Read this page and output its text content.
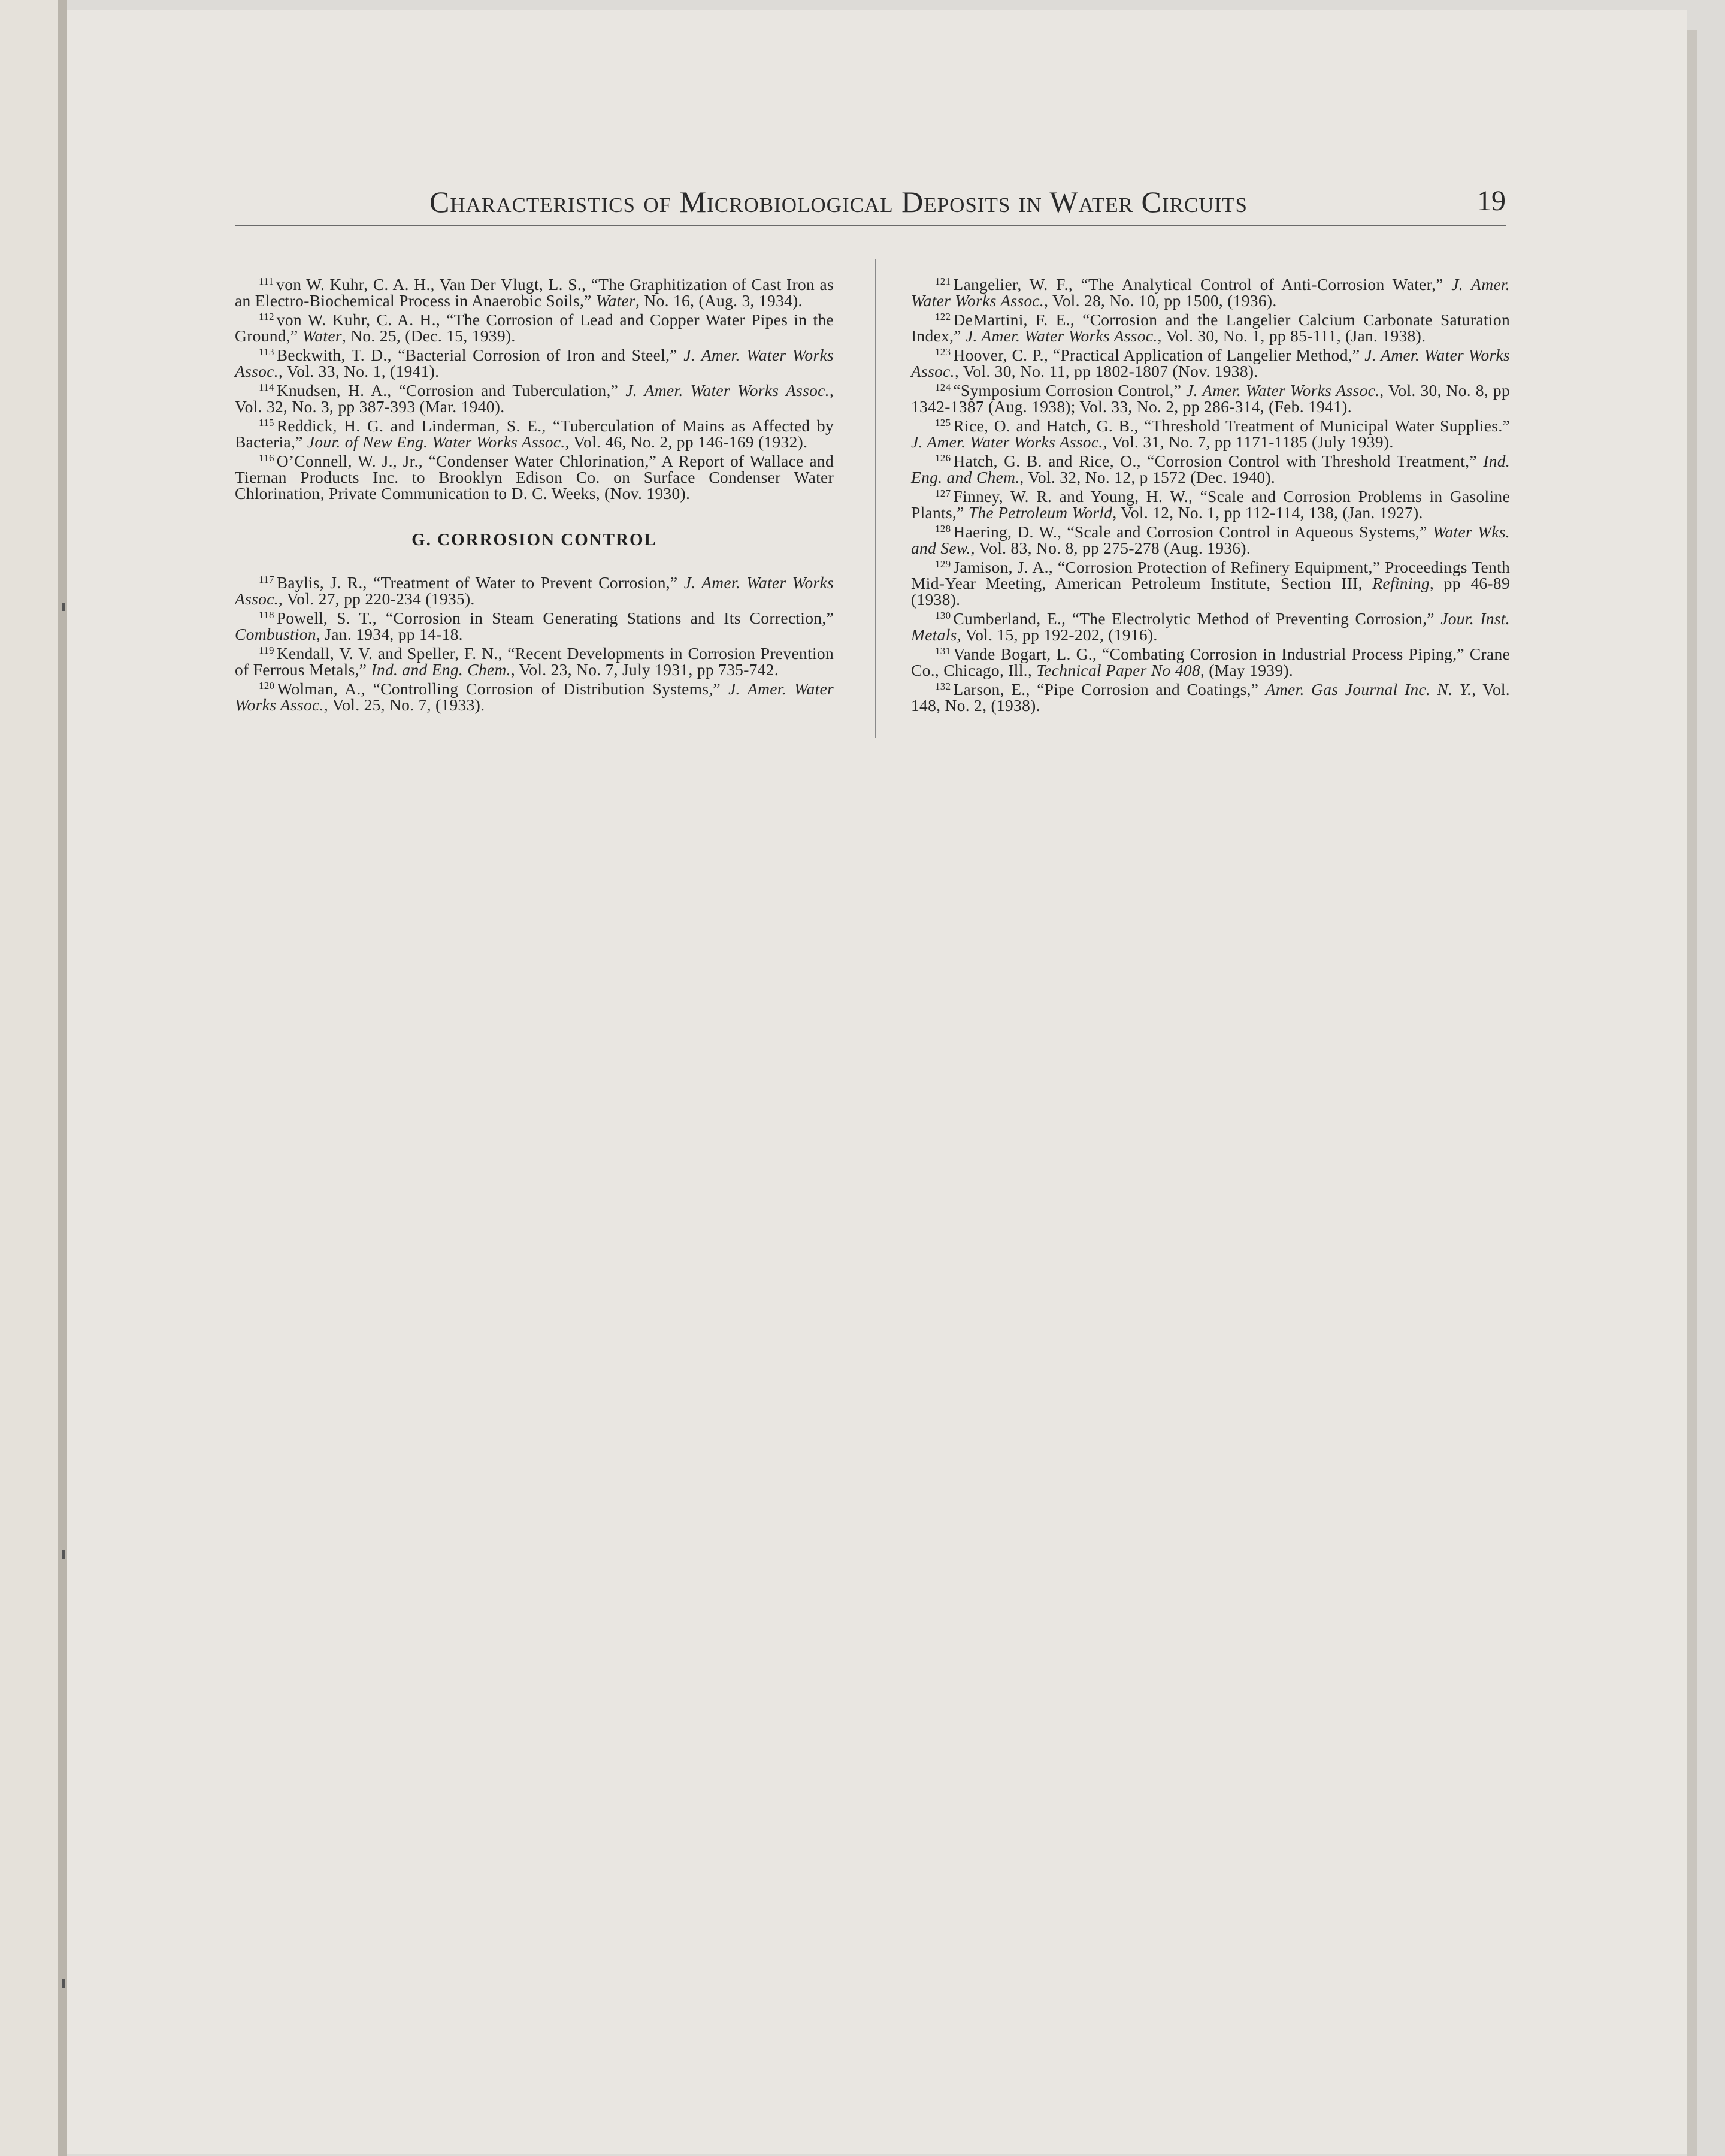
Characteristics of Microbiological Deposits in Water Circuits	19

$^{111}$ von W. Kuhr, C. A. H., Van Der Vlugt, L. S., “The Graphitization of Cast Iron as an Electro-Biochemical Process in Anaerobic Soils,” Water, No. 16, (Aug. 3, 1934).

$^{112}$ von W. Kuhr, C. A. H., “The Corrosion of Lead and Copper Water Pipes in the Ground,” Water, No. 25, (Dec. 15, 1939).

$^{113}$ Beckwith, T. D., “Bacterial Corrosion of Iron and Steel,” J. Amer. Water Works Assoc., Vol. 33, No. 1, (1941).

$^{114}$ Knudsen, H. A., “Corrosion and Tuberculation,” J. Amer. Water Works Assoc., Vol. 32, No. 3, pp 387-393 (Mar. 1940).

$^{115}$ Reddick, H. G. and Linderman, S. E., “Tuberculation of Mains as Affected by Bacteria,” Jour. of New Eng. Water Works Assoc., Vol. 46, No. 2, pp 146-169 (1932).

$^{116}$ O’Connell, W. J., Jr., “Condenser Water Chlorination,” A Report of Wallace and Tiernan Products Inc. to Brooklyn Edison Co. on Surface Condenser Water Chlorination, Private Communication to D. C. Weeks, (Nov. 1930).

G. CORROSION CONTROL

$^{117}$ Baylis, J. R., “Treatment of Water to Prevent Corrosion,” J. Amer. Water Works Assoc., Vol. 27, pp 220-234 (1935).

$^{118}$ Powell, S. T., “Corrosion in Steam Generating Stations and Its Correction,” Combustion, Jan. 1934, pp 14-18.

$^{119}$ Kendall, V. V. and Speller, F. N., “Recent Developments in Corrosion Prevention of Ferrous Metals,” Ind. and Eng. Chem., Vol. 23, No. 7, July 1931, pp 735-742.

$^{120}$ Wolman, A., “Controlling Corrosion of Distribution Systems,” J. Amer. Water Works Assoc., Vol. 25, No. 7, (1933).

$^{121}$ Langelier, W. F., “The Analytical Control of Anti-Corrosion Water,” J. Amer. Water Works Assoc., Vol. 28, No. 10, pp 1500, (1936).

$^{122}$ DeMartini, F. E., “Corrosion and the Langelier Calcium Carbonate Saturation Index,” J. Amer. Water Works Assoc., Vol. 30, No. 1, pp 85-111, (Jan. 1938).

$^{123}$ Hoover, C. P., “Practical Application of Langelier Method,” J. Amer. Water Works Assoc., Vol. 30, No. 11, pp 1802-1807 (Nov. 1938).

$^{124}$ “Symposium Corrosion Control,” J. Amer. Water Works Assoc., Vol. 30, No. 8, pp 1342-1387 (Aug. 1938); Vol. 33, No. 2, pp 286-314, (Feb. 1941).

$^{125}$ Rice, O. and Hatch, G. B., “Threshold Treatment of Municipal Water Supplies.” J. Amer. Water Works Assoc., Vol. 31, No. 7, pp 1171-1185 (July 1939).

$^{126}$ Hatch, G. B. and Rice, O., “Corrosion Control with Threshold Treatment,” Ind. Eng. and Chem., Vol. 32, No. 12, p 1572 (Dec. 1940).

$^{127}$ Finney, W. R. and Young, H. W., “Scale and Corrosion Problems in Gasoline Plants,” The Petroleum World, Vol. 12, No. 1, pp 112-114, 138, (Jan. 1927).

$^{128}$ Haering, D. W., “Scale and Corrosion Control in Aqueous Systems,” Water Wks. and Sew., Vol. 83, No. 8, pp 275-278 (Aug. 1936).

$^{129}$ Jamison, J. A., “Corrosion Protection of Refinery Equipment,” Proceedings Tenth Mid-Year Meeting, American Petroleum Institute, Section III, Refining, pp 46-89 (1938).

$^{130}$ Cumberland, E., “The Electrolytic Method of Preventing Corrosion,” Jour. Inst. Metals, Vol. 15, pp 192-202, (1916).

$^{131}$ Vande Bogart, L. G., “Combating Corrosion in Industrial Process Piping,” Crane Co., Chicago, Ill., Technical Paper No 408, (May 1939).

$^{132}$ Larson, E., “Pipe Corrosion and Coatings,” Amer. Gas Journal Inc. N. Y., Vol. 148, No. 2, (1938).
